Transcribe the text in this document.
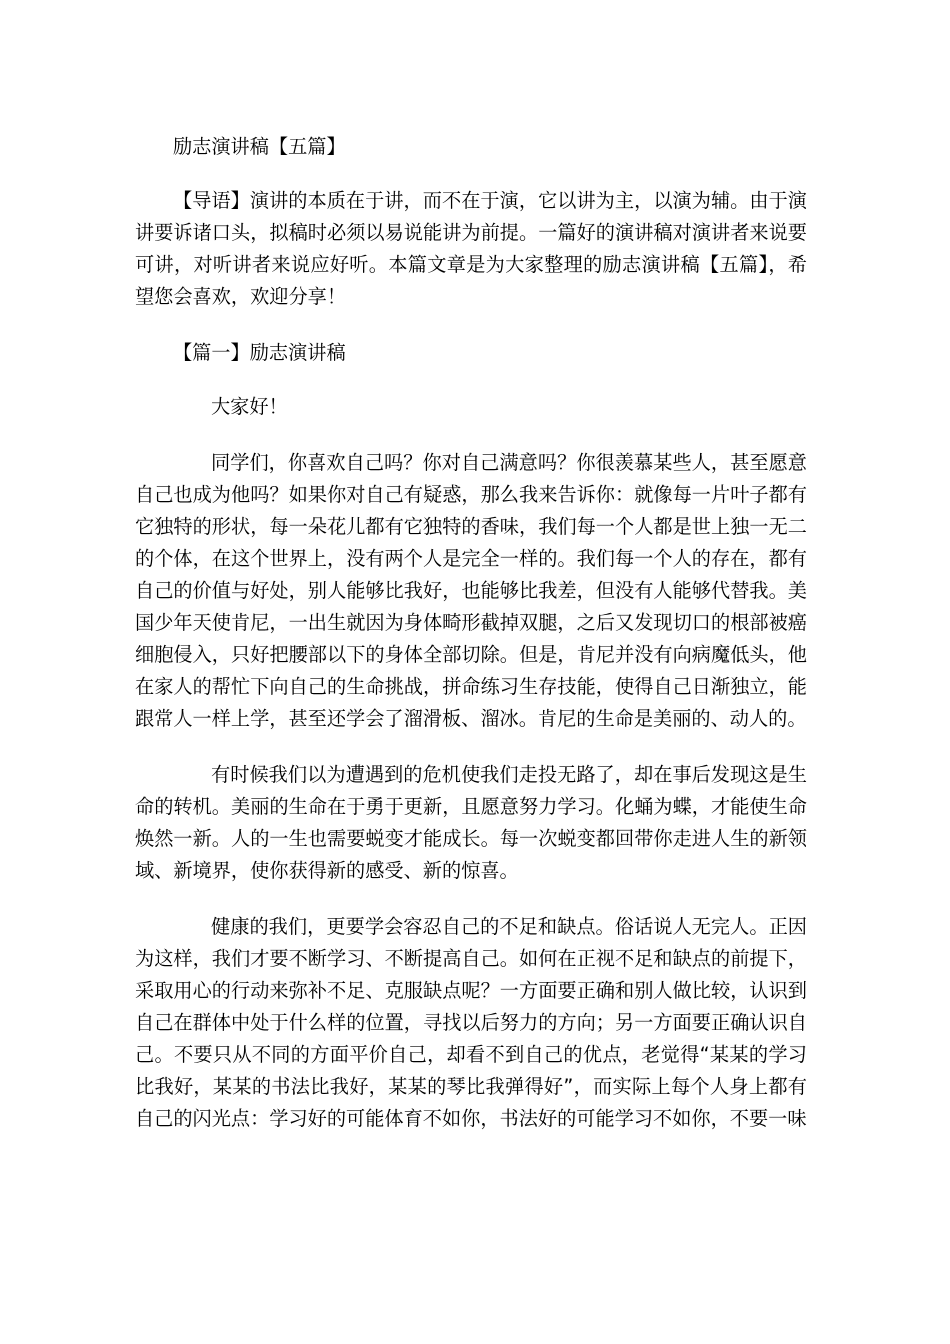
励志演讲稿【五篇】
【导语】演讲的本质在于讲，而不在于演，它以讲为主，以演为辅。由于演讲要诉诸口头，拟稿时必须以易说能讲为前提。一篇好的演讲稿对演讲者来说要可讲，对听讲者来说应好听。本篇文章是为大家整理的励志演讲稿【五篇】，希望您会喜欢，欢迎分享！
【篇一】励志演讲稿
大家好！
同学们，你喜欢自己吗？你对自己满意吗？你很羡慕某些人，甚至愿意自己也成为他吗？如果你对自己有疑惑，那么我来告诉你：就像每一片叶子都有它独特的形状，每一朵花儿都有它独特的香味，我们每一个人都是世上独一无二的个体，在这个世界上，没有两个人是完全一样的。我们每一个人的存在，都有自己的价值与好处，别人能够比我好，也能够比我差，但没有人能够代替我。美国少年天使肯尼，一出生就因为身体畸形截掉双腿，之后又发现切口的根部被癌细胞侵入，只好把腰部以下的身体全部切除。但是，肯尼并没有向病魔低头，他在家人的帮忙下向自己的生命挑战，拼命练习生存技能，使得自己日渐独立，能跟常人一样上学，甚至还学会了溜滑板、溜冰。肯尼的生命是美丽的、动人的。
有时候我们以为遭遇到的危机使我们走投无路了，却在事后发现这是生命的转机。美丽的生命在于勇于更新，且愿意努力学习。化蛹为蝶，才能使生命焕然一新。人的一生也需要蜕变才能成长。每一次蜕变都回带你走进人生的新领域、新境界，使你获得新的感受、新的惊喜。
健康的我们，更要学会容忍自己的不足和缺点。俗话说人无完人。正因为这样，我们才要不断学习、不断提高自己。如何在正视不足和缺点的前提下，采取用心的行动来弥补不足、克服缺点呢？一方面要正确和别人做比较，认识到自己在群体中处于什么样的位置，寻找以后努力的方向；另一方面要正确认识自己。不要只从不同的方面平价自己，却看不到自己的优点，老觉得“某某的学习比我好，某某的书法比我好，某某的琴比我弹得好”，而实际上每个人身上都有自己的闪光点：学习好的可能体育不如你，书法好的可能学习不如你，不要一味
